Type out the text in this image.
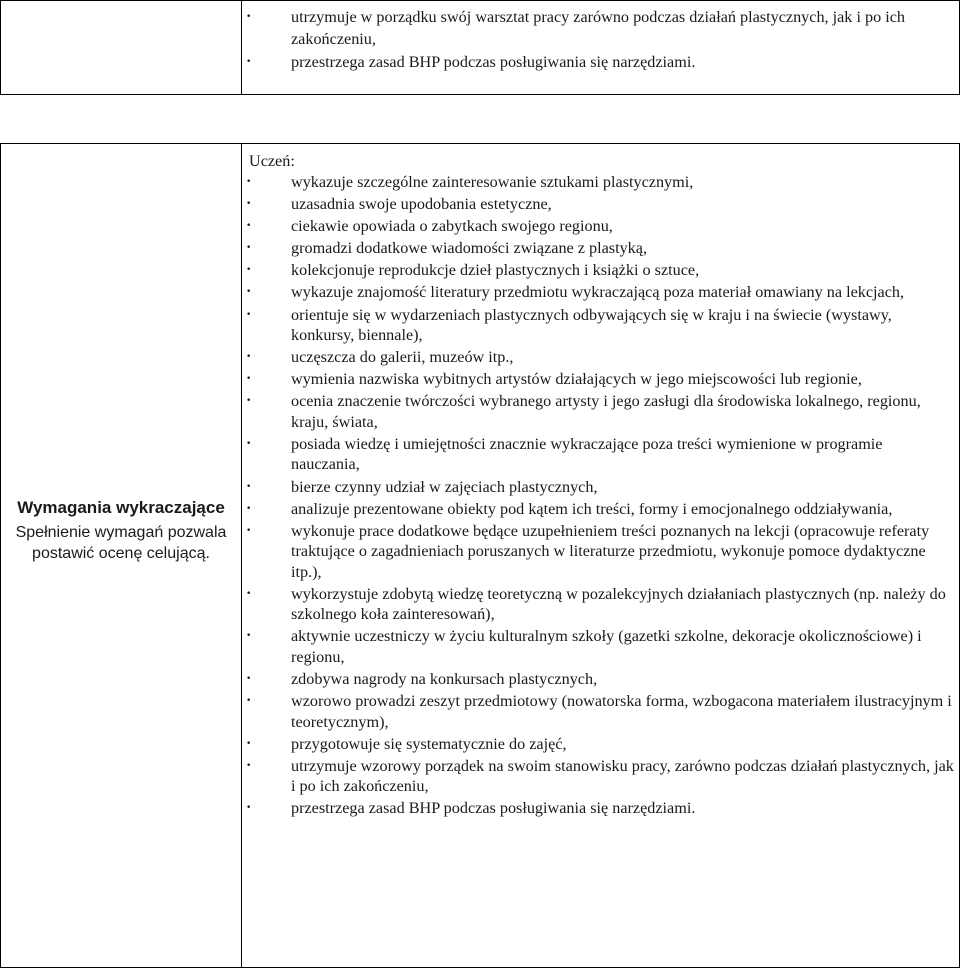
· utrzymuje w porządku swój warsztat pracy zarówno podczas działań plastycznych, jak i po ich zakończeniu,
· przestrzega zasad BHP podczas posługiwania się narzędziami.
Wymagania wykraczające
Spełnienie wymagań pozwala postawić ocenę celującą.
Uczeń:
· wykazuje szczególne zainteresowanie sztukami plastycznymi,
· uzasadnia swoje upodobania estetyczne,
· ciekawie opowiada o zabytkach swojego regionu,
· gromadzi dodatkowe wiadomości związane z plastyką,
· kolekcjonuje reprodukcje dzieł plastycznych i książki o sztuce,
· wykazuje znajomość literatury przedmiotu wykraczającą poza materiał omawiany na lekcjach,
· orientuje się w wydarzeniach plastycznych odbywających się w kraju i na świecie (wystawy, konkursy, biennale),
· uczęszcza do galerii, muzeów itp.,
· wymienia nazwiska wybitnych artystów działających w jego miejscowości lub regionie,
· ocenia znaczenie twórczości wybranego artysty i jego zasługi dla środowiska lokalnego, regionu, kraju, świata,
· posiada wiedzę i umiejętności znacznie wykraczające poza treści wymienione w programie nauczania,
· bierze czynny udział w zajęciach plastycznych,
· analizuje prezentowane obiekty pod kątem ich treści, formy i emocjonalnego oddziaływania,
· wykonuje prace dodatkowe będące uzupełnieniem treści poznanych na lekcji (opracowuje referaty traktujące o zagadnieniach poruszanych w literaturze przedmiotu, wykonuje pomoce dydaktyczne itp.),
· wykorzystuje zdobytą wiedzę teoretyczną w pozalekcyjnych działaniach plastycznych (np. należy do szkolnego koła zainteresowań),
· aktywnie uczestniczy w życiu kulturalnym szkoły (gazetki szkolne, dekoracje okolicznościowe) i regionu,
· zdobywa nagrody na konkursach plastycznych,
· wzorowo prowadzi zeszyt przedmiotowy (nowatorska forma, wzbogacona materiałem ilustracyjnym i teoretycznym),
· przygotowuje się systematycznie do zajęć,
· utrzymuje wzorowy porządek na swoim stanowisku pracy, zarówno podczas działań plastycznych, jak i po ich zakończeniu,
· przestrzega zasad BHP podczas posługiwania się narzędziami.
